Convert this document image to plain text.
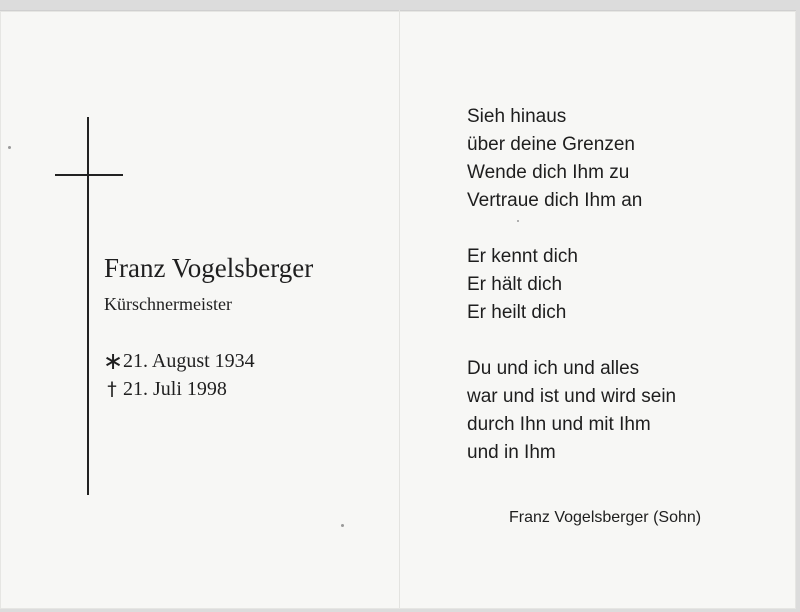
Franz Vogelsberger
Kürschnermeister
∗21. August 1934
† 21. Juli 1998
Sieh hinaus
über deine Grenzen
Wende dich Ihm zu
Vertraue dich Ihm an
Er kennt dich
Er hält dich
Er heilt dich
Du und ich und alles
war und ist und wird sein
durch Ihn und mit Ihm
und in Ihm
Franz Vogelsberger (Sohn)
